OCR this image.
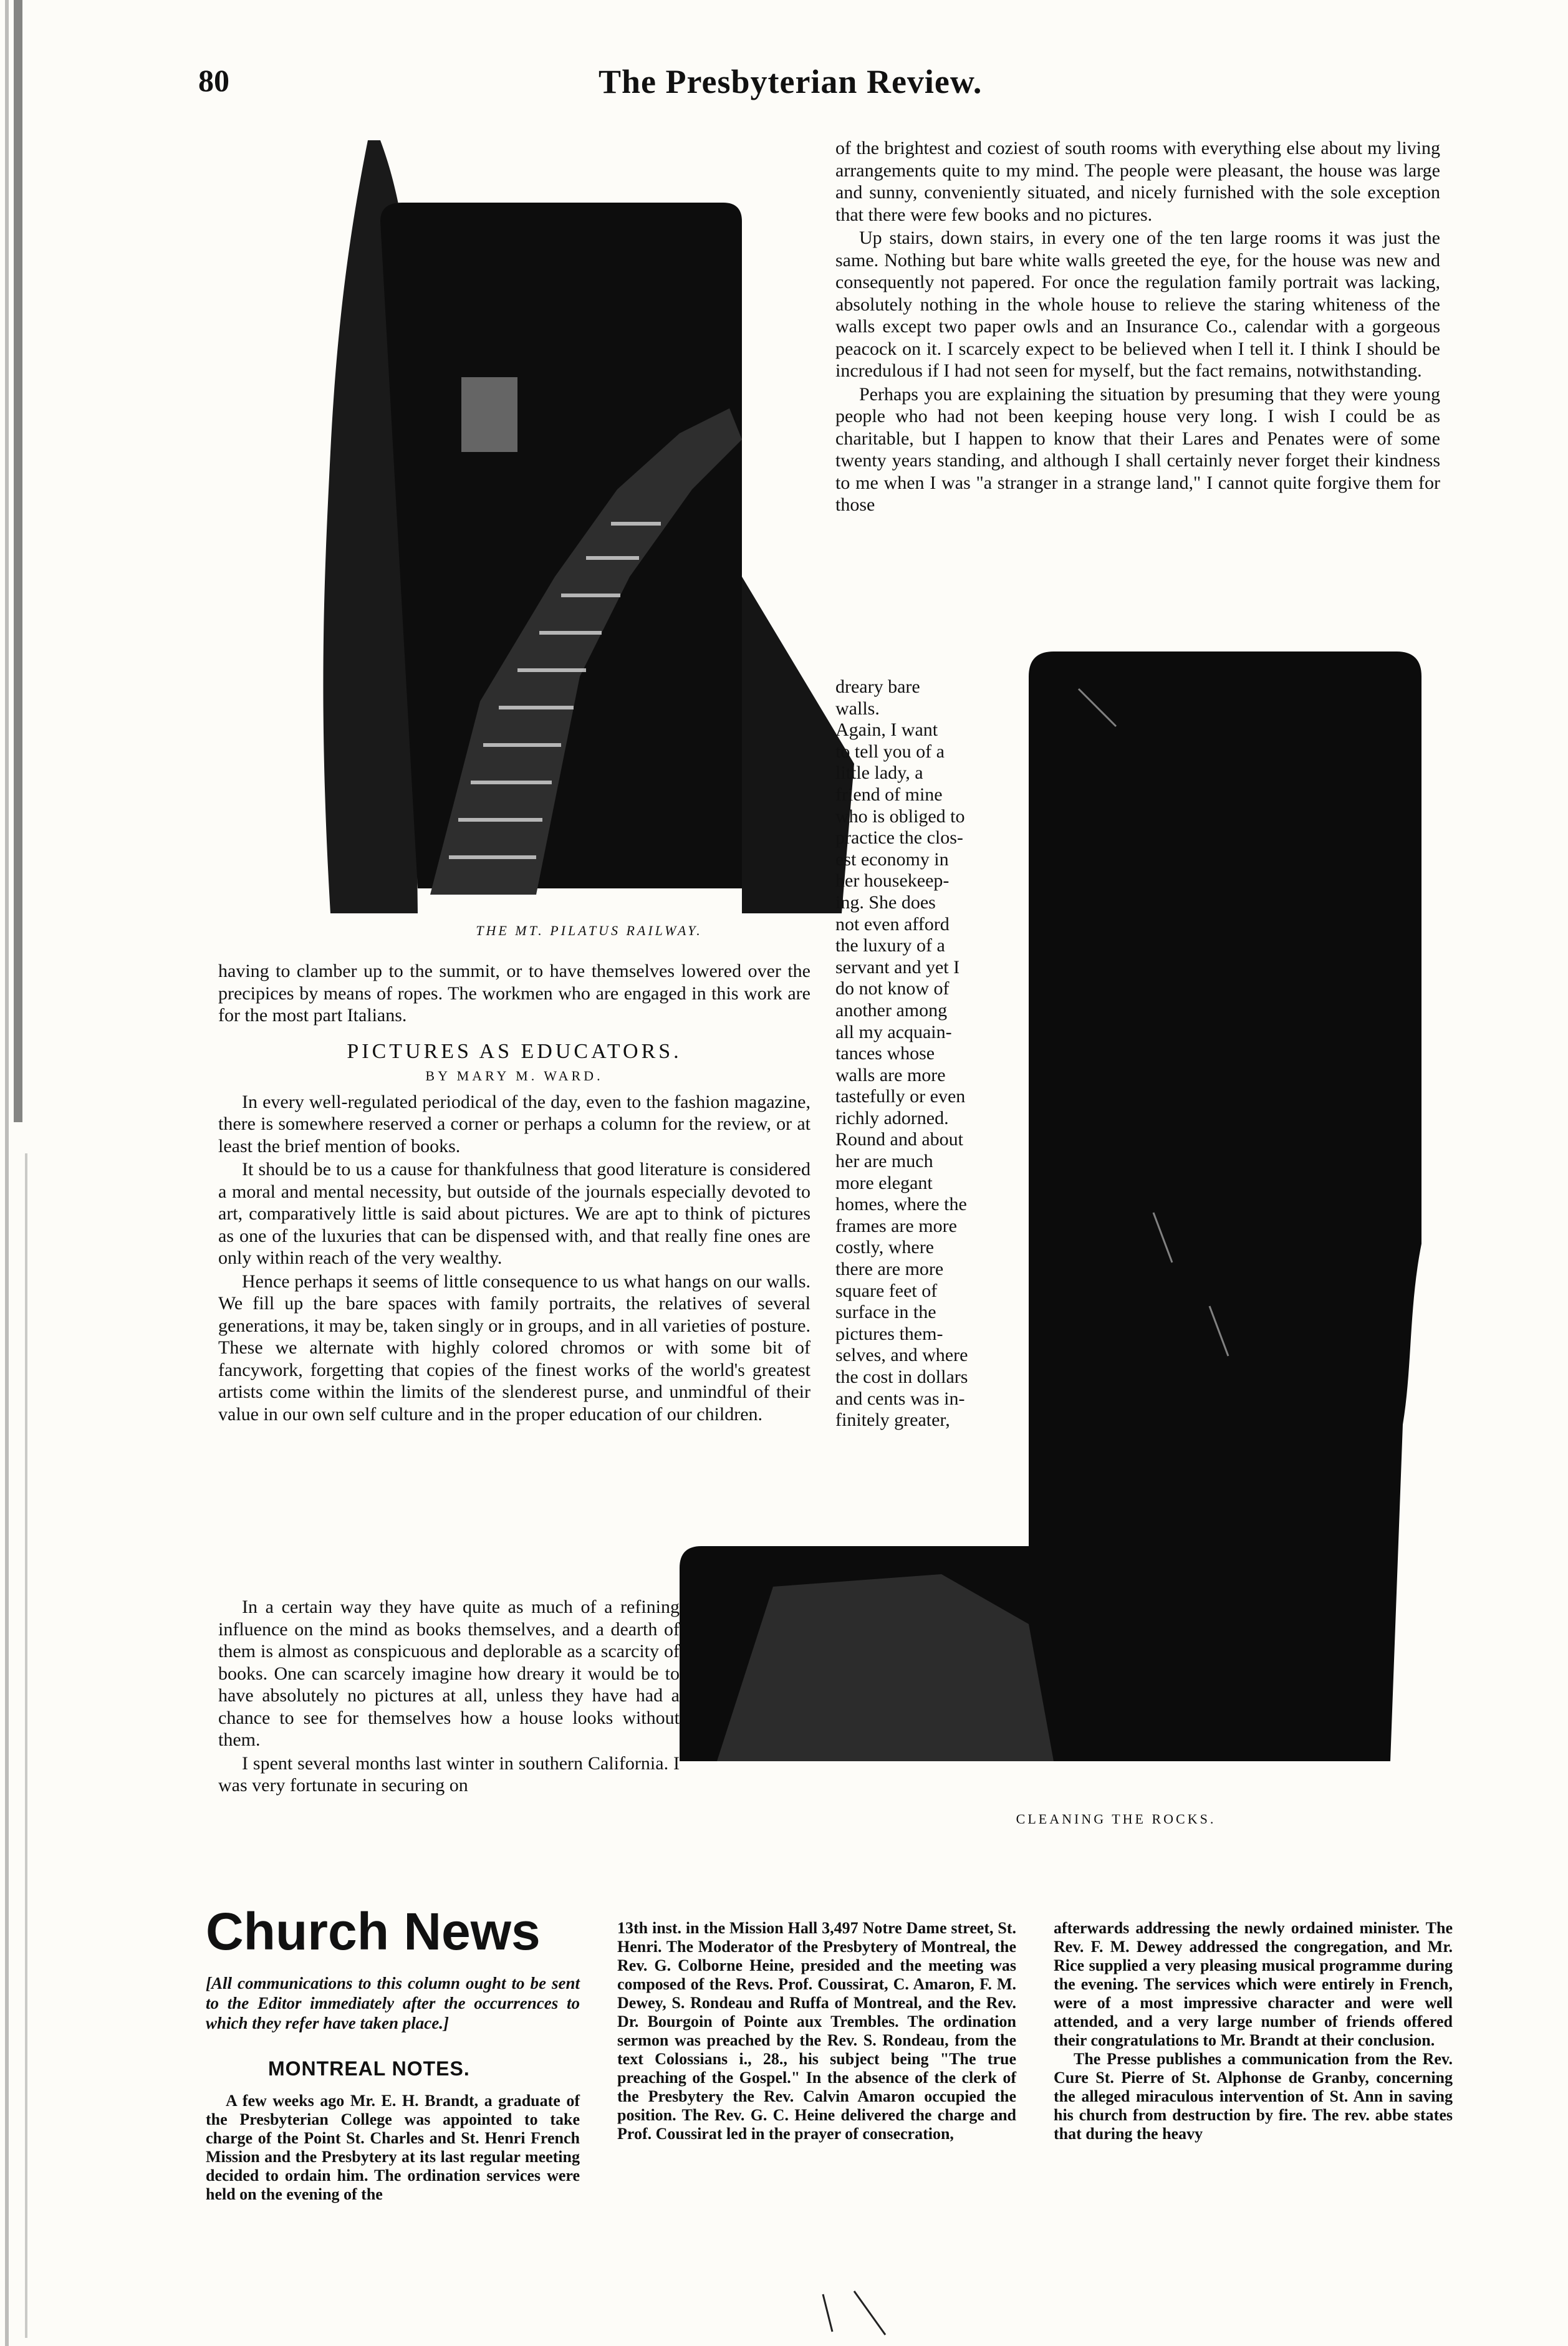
80	The Presbyterian Review.
THE MT. PILATUS RAILWAY.

having to clamber up to the summit, or to have themselves lowered over the precipices by means of ropes. The workmen who are engaged in this work are for the most part Italians.

PICTURES AS EDUCATORS.
BY MARY M. WARD.

In every well-regulated periodical of the day, even to the fashion magazine, there is somewhere reserved a corner or perhaps a column for the review, or at least the brief mention of books.

It should be to us a cause for thankfulness that good literature is considered a moral and mental necessity, but outside of the journals especially devoted to art, comparatively little is said about pictures. We are apt to think of pictures as one of the luxuries that can be dispensed with, and that really fine ones are only within reach of the very wealthy.

Hence perhaps it seems of little consequence to us what hangs on our walls. We fill up the bare spaces with family portraits, the relatives of several generations, it may be, taken singly or in groups, and in all varieties of posture. These we alternate with highly colored chromos or with some bit of fancywork, forgetting that copies of the finest works of the world's greatest artists come within the limits of the slenderest purse, and unmindful of their value in our own self culture and in the proper education of our children.

In a certain way they have quite as much of a refining influence on the mind as books themselves, and a dearth of them is almost as conspicuous and deplorable as a scarcity of books. One can scarcely imagine how dreary it would be to have absolutely no pictures at all, unless they have had a chance to see for themselves how a house looks without them.

I spent several months last winter in southern California. I was very fortunate in securing on

of the brightest and coziest of south rooms with everything else about my living arrangements quite to my mind. The people were pleasant, the house was large and sunny, conveniently situated, and nicely furnished with the sole exception that there were few books and no pictures.

Up stairs, down stairs, in every one of the ten large rooms it was just the same. Nothing but bare white walls greeted the eye, for the house was new and consequently not papered. For once the regulation family portrait was lacking, absolutely nothing in the whole house to relieve the staring whiteness of the walls except two paper owls and an Insurance Co., calendar with a gorgeous peacock on it. I scarcely expect to be believed when I tell it. I think I should be incredulous if I had not seen for myself, but the fact remains, notwithstanding.

Perhaps you are explaining the situation by presuming that they were young people who had not been keeping house very long. I wish I could be as charitable, but I happen to know that their Lares and Penates were of some twenty years standing, and although I shall certainly never forget their kindness to me when I was "a stranger in a strange land," I cannot quite forgive them for those

dreary bare
walls.
Again, I want
to tell you of a
little lady, a
friend of mine
who is obliged to
practice the clos-
est economy in
her housekeep-
ing. She does
not even afford
the luxury of a
servant and yet I
do not know of
another among
all my acquain-
tances whose
walls are more
tastefully or even
richly adorned.
Round and about
her are much
more elegant
homes, where the
frames are more
costly, where
there are more
square feet of
surface in the
pictures them-
selves, and where
the cost in dollars
and cents was in-
finitely greater,
CLEANING THE ROCKS.
Church News
[All communications to this column ought to be sent to the Editor immediately after the occurrences to which they refer have taken place.]
MONTREAL NOTES.

A few weeks ago Mr. E. H. Brandt, a graduate of the Presbyterian College was appointed to take charge of the Point St. Charles and St. Henri French Mission and the Presbytery at its last regular meeting decided to ordain him. The ordination services were held on the evening of the

13th inst. in the Mission Hall 3,497 Notre Dame street, St. Henri. The Moderator of the Presbytery of Montreal, the Rev. G. Colborne Heine, presided and the meeting was composed of the Revs. Prof. Coussirat, C. Amaron, F. M. Dewey, S. Rondeau and Ruffa of Montreal, and the Rev. Dr. Bourgoin of Pointe aux Trembles. The ordination sermon was preached by the Rev. S. Rondeau, from the text Colossians i., 28., his subject being "The true preaching of the Gospel." In the absence of the clerk of the Presbytery the Rev. Calvin Amaron occupied the position. The Rev. G. C. Heine delivered the charge and Prof. Coussirat led in the prayer of consecration,

afterwards addressing the newly ordained minister. The Rev. F. M. Dewey addressed the congregation, and Mr. Rice supplied a very pleasing musical programme during the evening. The services which were entirely in French, were of a most impressive character and were well attended, and a very large number of friends offered their congratulations to Mr. Brandt at their conclusion.

The Presse publishes a communication from the Rev. Cure St. Pierre of St. Alphonse de Granby, concerning the alleged miraculous intervention of St. Ann in saving his church from destruction by fire. The rev. abbe states that during the heavy
